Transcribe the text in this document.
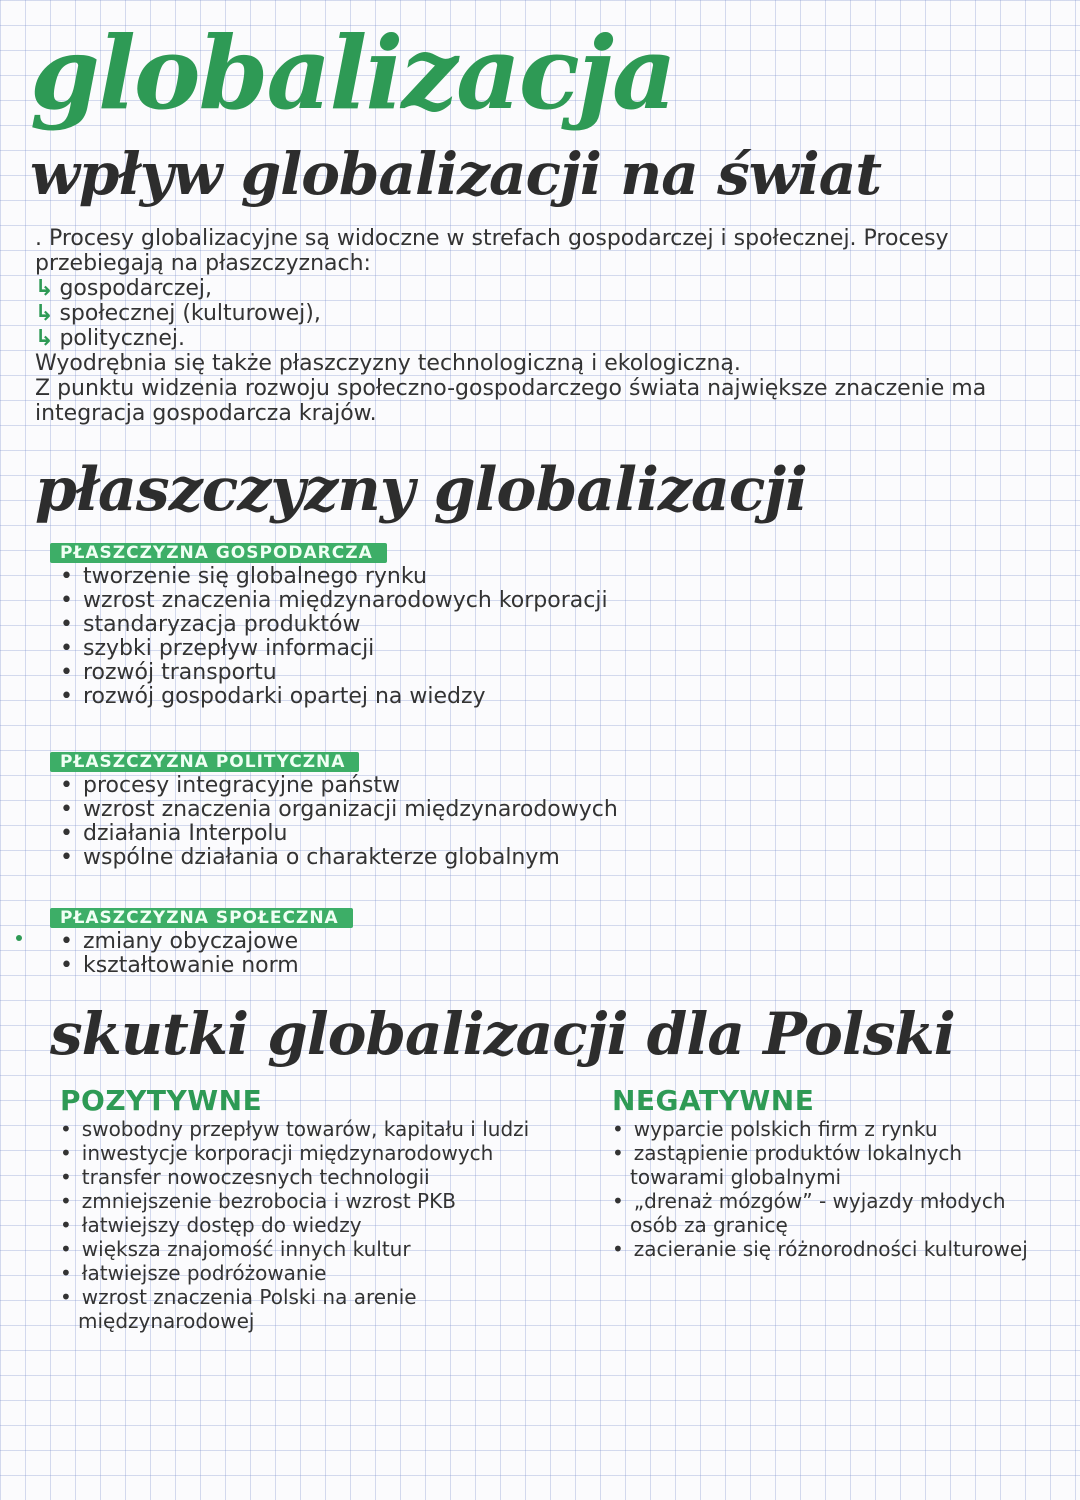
globalizacja
wpływ globalizacji na świat

. Procesy globalizacyjne są widoczne w strefach gospodarczej i społecznej. Procesy przebiegają na płaszczyznach:

↳ gospodarczej,

↳ społecznej (kulturowej),

↳ politycznej.

Wyodrębnia się także płaszczyzny technologiczną i ekologiczną.

Z punktu widzenia rozwoju społeczno-gospodarczego świata największe znaczenie ma integracja gospodarcza krajów.

płaszczyzny globalizacji
PŁASZCZYZNA GOSPODARCZA
• tworzenie się globalnego rynku
• wzrost znaczenia międzynarodowych korporacji
• standaryzacja produktów
• szybki przepływ informacji
• rozwój transportu
• rozwój gospodarki opartej na wiedzy
PŁASZCZYZNA POLITYCZNA
• procesy integracyjne państw
• wzrost znaczenia organizacji międzynarodowych
• działania Interpolu
• wspólne działania o charakterze globalnym
PŁASZCZYZNA SPOŁECZNA
• zmiany obyczajowe
• kształtowanie norm
skutki globalizacji dla Polski
POZYTYWNE
• swobodny przepływ towarów, kapitału i ludzi
• inwestycje korporacji międzynarodowych
• transfer nowoczesnych technologii
• zmniejszenie bezrobocia i wzrost PKB
• łatwiejszy dostęp do wiedzy
• większa znajomość innych kultur
• łatwiejsze podróżowanie
• wzrost znaczenia Polski na arenie międzynarodowej
NEGATYWNE
• wyparcie polskich firm z rynku
• zastąpienie produktów lokalnych towarami globalnymi
• „drenaż mózgów” - wyjazdy młodych osób za granicę
• zacieranie się różnorodności kulturowej
